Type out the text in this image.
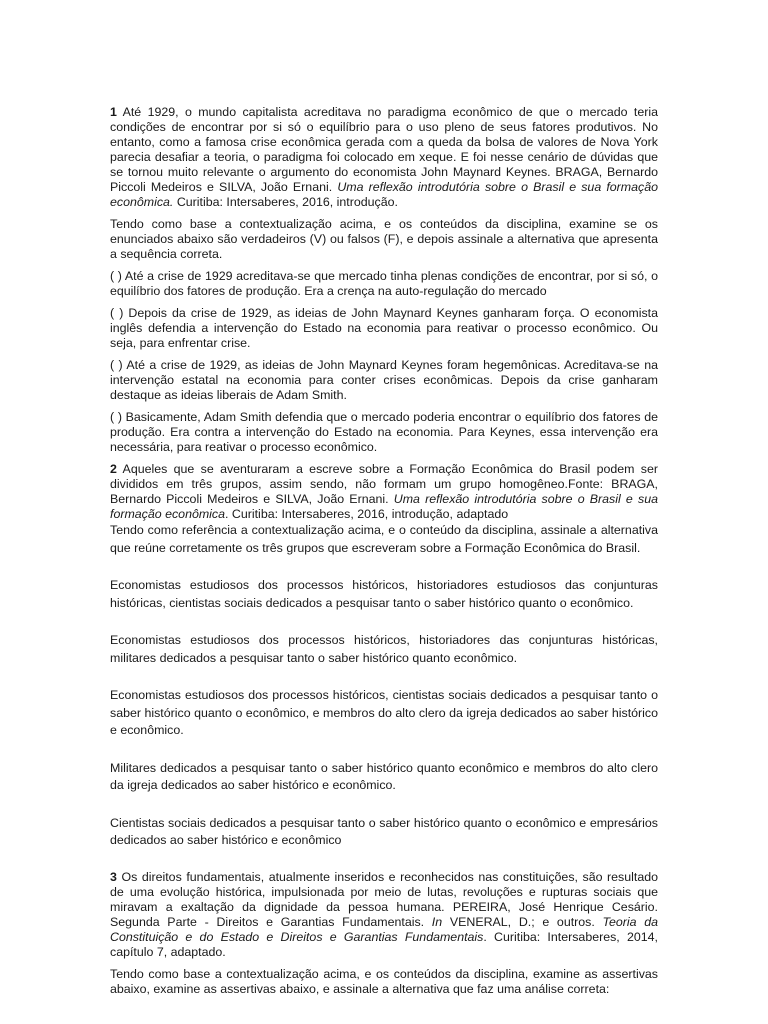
1 Até 1929, o mundo capitalista acreditava no paradigma econômico de que o mercado teria condições de encontrar por si só o equilíbrio para o uso pleno de seus fatores produtivos. No entanto, como a famosa crise econômica gerada com a queda da bolsa de valores de Nova York parecia desafiar a teoria, o paradigma foi colocado em xeque. E foi nesse cenário de dúvidas que se tornou muito relevante o argumento do economista John Maynard Keynes. BRAGA, Bernardo Piccoli Medeiros e SILVA, João Ernani. Uma reflexão introdutória sobre o Brasil e sua formação econômica. Curitiba: Intersaberes, 2016, introdução.

Tendo como base a contextualização acima, e os conteúdos da disciplina, examine se os enunciados abaixo são verdadeiros (V) ou falsos (F), e depois assinale a alternativa que apresenta a sequência correta.

( ) Até a crise de 1929 acreditava-se que mercado tinha plenas condições de encontrar, por si só, o equilíbrio dos fatores de produção. Era a crença na auto-regulação do mercado

( ) Depois da crise de 1929, as ideias de John Maynard Keynes ganharam força. O economista inglês defendia a intervenção do Estado na economia para reativar o processo econômico. Ou seja, para enfrentar crise.

( ) Até a crise de 1929, as ideias de John Maynard Keynes foram hegemônicas. Acreditava-se na intervenção estatal na economia para conter crises econômicas. Depois da crise ganharam destaque as ideias liberais de Adam Smith.

( ) Basicamente, Adam Smith defendia que o mercado poderia encontrar o equilíbrio dos fatores de produção. Era contra a intervenção do Estado na economia. Para Keynes, essa intervenção era necessária, para reativar o processo econômico.

2 Aqueles que se aventuraram a escreve sobre a Formação Econômica do Brasil podem ser divididos em três grupos, assim sendo, não formam um grupo homogêneo.Fonte: BRAGA, Bernardo Piccoli Medeiros e SILVA, João Ernani. Uma reflexão introdutória sobre o Brasil e sua formação econômica. Curitiba: Intersaberes, 2016, introdução, adaptado

Tendo como referência a contextualização acima, e o conteúdo da disciplina, assinale a alternativa que reúne corretamente os três grupos que escreveram sobre a Formação Econômica do Brasil.

Economistas estudiosos dos processos históricos, historiadores estudiosos das conjunturas históricas, cientistas sociais dedicados a pesquisar tanto o saber histórico quanto o econômico.

Economistas estudiosos dos processos históricos, historiadores das conjunturas históricas, militares dedicados a pesquisar tanto o saber histórico quanto econômico.

Economistas estudiosos dos processos históricos, cientistas sociais dedicados a pesquisar tanto o saber histórico quanto o econômico, e membros do alto clero da igreja dedicados ao saber histórico e econômico.

Militares dedicados a pesquisar tanto o saber histórico quanto econômico e membros do alto clero da igreja dedicados ao saber histórico e econômico.

Cientistas sociais dedicados a pesquisar tanto o saber histórico quanto o econômico e empresários dedicados ao saber histórico e econômico

3 Os direitos fundamentais, atualmente inseridos e reconhecidos nas constituições, são resultado de uma evolução histórica, impulsionada por meio de lutas, revoluções e rupturas sociais que miravam a exaltação da dignidade da pessoa humana. PEREIRA, José Henrique Cesário. Segunda Parte - Direitos e Garantias Fundamentais. In VENERAL, D.; e outros. Teoria da Constituição e do Estado e Direitos e Garantias Fundamentais. Curitiba: Intersaberes, 2014, capítulo 7, adaptado.

Tendo como base a contextualização acima, e os conteúdos da disciplina, examine as assertivas abaixo, examine as assertivas abaixo, e assinale a alternativa que faz uma análise correta:
